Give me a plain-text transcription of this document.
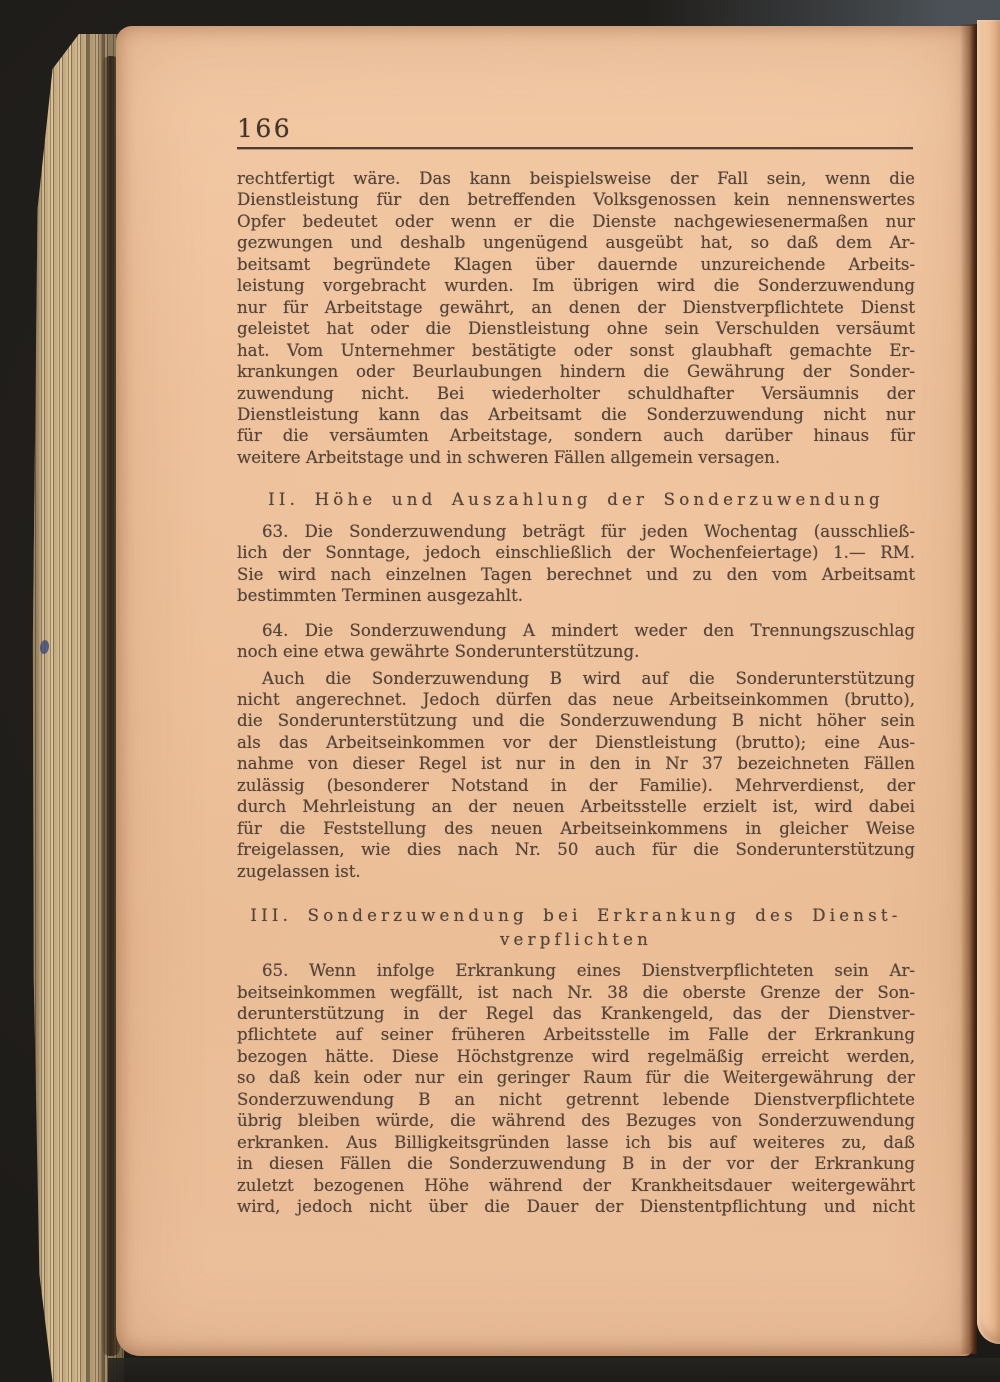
166
rechtfertigt wäre. Das kann beispielsweise der Fall sein, wenn die
Dienstleistung für den betreffenden Volksgenossen kein nennenswertes
Opfer bedeutet oder wenn er die Dienste nachgewiesenermaßen nur
gezwungen und deshalb ungenügend ausgeübt hat, so daß dem Ar-
beitsamt begründete Klagen über dauernde unzureichende Arbeits-
leistung vorgebracht wurden. Im übrigen wird die Sonderzuwendung
nur für Arbeitstage gewährt, an denen der Dienstverpflichtete Dienst
geleistet hat oder die Dienstleistung ohne sein Verschulden versäumt
hat. Vom Unternehmer bestätigte oder sonst glaubhaft gemachte Er-
krankungen oder Beurlaubungen hindern die Gewährung der Sonder-
zuwendung nicht. Bei wiederholter schuldhafter Versäumnis der
Dienstleistung kann das Arbeitsamt die Sonderzuwendung nicht nur
für die versäumten Arbeitstage, sondern auch darüber hinaus für
weitere Arbeitstage und in schweren Fällen allgemein versagen.
II. Höhe und Auszahlung der Sonderzuwendung
63. Die Sonderzuwendung beträgt für jeden Wochentag (ausschließ-
lich der Sonntage, jedoch einschließlich der Wochenfeiertage) 1.— RM.
Sie wird nach einzelnen Tagen berechnet und zu den vom Arbeitsamt
bestimmten Terminen ausgezahlt.
64. Die Sonderzuwendung A mindert weder den Trennungszuschlag
noch eine etwa gewährte Sonderunterstützung.
Auch die Sonderzuwendung B wird auf die Sonderunterstützung
nicht angerechnet. Jedoch dürfen das neue Arbeitseinkommen (brutto),
die Sonderunterstützung und die Sonderzuwendung B nicht höher sein
als das Arbeitseinkommen vor der Dienstleistung (brutto); eine Aus-
nahme von dieser Regel ist nur in den in Nr 37 bezeichneten Fällen
zulässig (besonderer Notstand in der Familie). Mehrverdienst, der
durch Mehrleistung an der neuen Arbeitsstelle erzielt ist, wird dabei
für die Feststellung des neuen Arbeitseinkommens in gleicher Weise
freigelassen, wie dies nach Nr. 50 auch für die Sonderunterstützung
zugelassen ist.
III. Sonderzuwendung bei Erkrankung des Dienst-
verpflichten
65. Wenn infolge Erkrankung eines Dienstverpflichteten sein Ar-
beitseinkommen wegfällt, ist nach Nr. 38 die oberste Grenze der Son-
derunterstützung in der Regel das Krankengeld, das der Dienstver-
pflichtete auf seiner früheren Arbeitsstelle im Falle der Erkrankung
bezogen hätte. Diese Höchstgrenze wird regelmäßig erreicht werden,
so daß kein oder nur ein geringer Raum für die Weitergewährung der
Sonderzuwendung B an nicht getrennt lebende Dienstverpflichtete
übrig bleiben würde, die während des Bezuges von Sonderzuwendung
erkranken. Aus Billigkeitsgründen lasse ich bis auf weiteres zu, daß
in diesen Fällen die Sonderzuwendung B in der vor der Erkrankung
zuletzt bezogenen Höhe während der Krankheitsdauer weitergewährt
wird, jedoch nicht über die Dauer der Dienstentpflichtung und nicht
